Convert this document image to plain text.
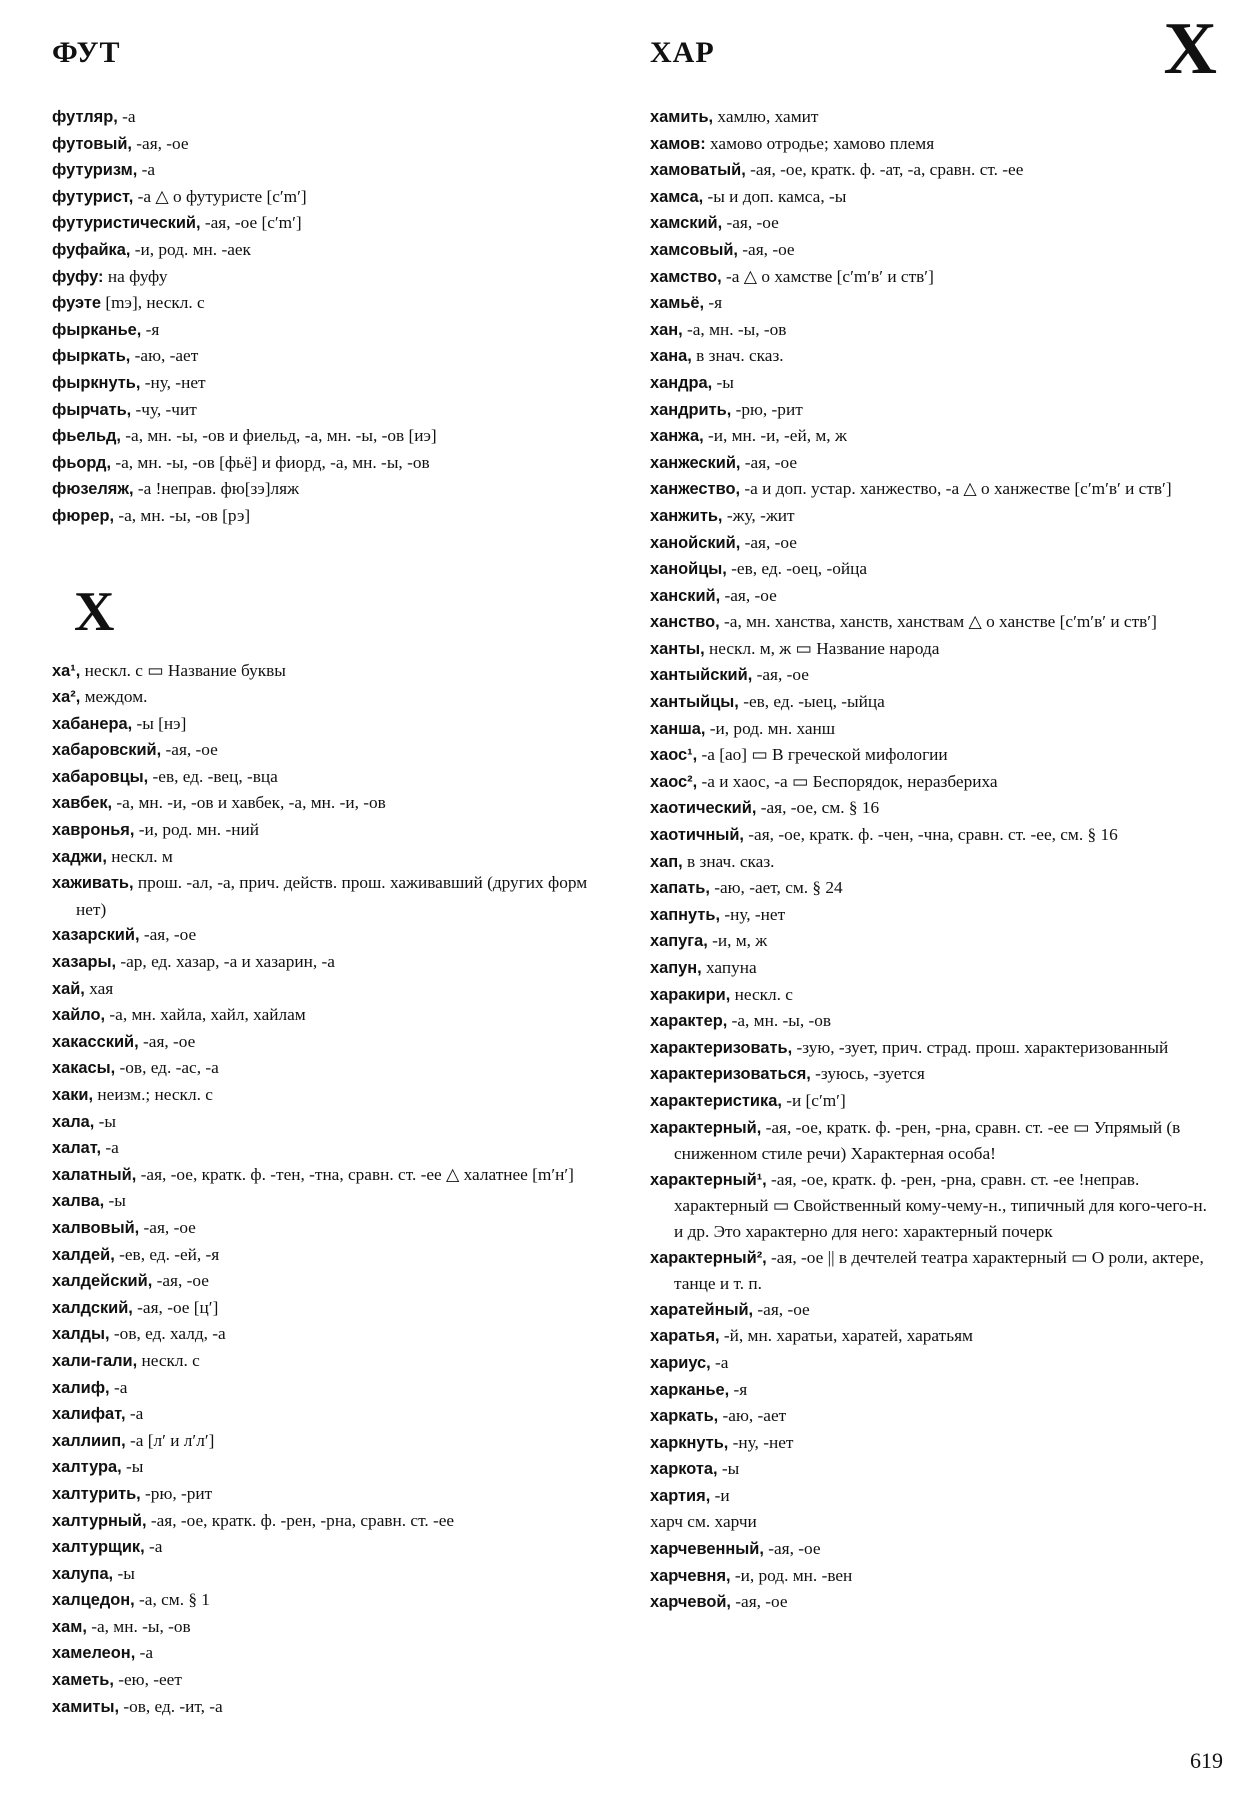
ФУТ	ХАР	Х

футляр, -а

футовый, -ая, -ое

футуризм, -а

футурист, -а △ о футуристе [сʹmʹ]

футуристический, -ая, -ое [сʹmʹ]

фуфайка, -и, род. мн. -аек

фуфу: на фуфу

фуэте [mэ], нескл. с

фырканье, -я

фыркать, -аю, -ает

фыркнуть, -ну, -нет

фырчать, -чу, -чит

фьельд, -а, мн. -ы, -ов и фиельд, -а, мн. -ы, -ов [иэ]

фьорд, -а, мн. -ы, -ов [фьё] и фиорд, -а, мн. -ы, -ов

фюзеляж, -а !неправ. фю[зэ]ляж

фюрер, -а, мн. -ы, -ов [рэ]

Х

ха¹, нескл. с ▭ Название буквы

ха², междом.

хабанера, -ы [нэ]

хабаровский, -ая, -ое

хабаровцы, -ев, ед. -вец, -вца

хавбек, -а, мн. -и, -ов и хавбек, -а, мн. -и, -ов

хавронья, -и, род. мн. -ний

хаджи, нескл. м

хаживать, прош. -ал, -а, прич. действ. прош. хаживавший (других форм нет)

хазарский, -ая, -ое

хазары, -ар, ед. хазар, -а и хазарин, -а

хай, хая

хайло, -а, мн. хайла, хайл, хайлам

хакасский, -ая, -ое

хакасы, -ов, ед. -ас, -а

хаки, неизм.; нескл. с

хала, -ы

халат, -а

халатный, -ая, -ое, кратк. ф. -тен, -тна, сравн. ст. -ее △ халатнее [mʹнʹ]

халва, -ы

халвовый, -ая, -ое

халдей, -ев, ед. -ей, -я

халдейский, -ая, -ое

халдский, -ая, -ое [цʹ]

халды, -ов, ед. халд, -а

хали-гали, нескл. с

халиф, -а

халифат, -а

халлиип, -а [лʹ и лʹлʹ]

халтура, -ы

халтурить, -рю, -рит

халтурный, -ая, -ое, кратк. ф. -рен, -рна, сравн. ст. -ее

халтурщик, -а

халупа, -ы

халцедон, -а, см. § 1

хам, -а, мн. -ы, -ов

хамелеон, -а

хаметь, -ею, -еет

хамиты, -ов, ед. -ит, -а

хамить, хамлю, хамит

хамов: хамово отродье; хамово племя

хамоватый, -ая, -ое, кратк. ф. -ат, -а, сравн. ст. -ее

хамса, -ы и доп. камса, -ы

хамский, -ая, -ое

хамсовый, -ая, -ое

хамство, -а △ о хамстве [сʹmʹвʹ и ствʹ]

хамьё, -я

хан, -а, мн. -ы, -ов

хана, в знач. сказ.

хандра, -ы

хандрить, -рю, -рит

ханжа, -и, мн. -и, -ей, м, ж

ханжеский, -ая, -ое

ханжество, -а и доп. устар. ханжество, -а △ о ханжестве [сʹmʹвʹ и ствʹ]

ханжить, -жу, -жит

ханойский, -ая, -ое

ханойцы, -ев, ед. -оец, -ойца

ханский, -ая, -ое

ханство, -а, мн. ханства, ханств, ханствам △ о ханстве [сʹmʹвʹ и ствʹ]

ханты, нескл. м, ж ▭ Название народа

хантыйский, -ая, -ое

хантыйцы, -ев, ед. -ыец, -ыйца

ханша, -и, род. мн. ханш

хаос¹, -а [ао] ▭ В греческой мифологии

хаос², -а и хаос, -а ▭ Беспорядок, неразбериха

хаотический, -ая, -ое, см. § 16

хаотичный, -ая, -ое, кратк. ф. -чен, -чна, сравн. ст. -ее, см. § 16

хап, в знач. сказ.

хапать, -аю, -ает, см. § 24

хапнуть, -ну, -нет

хапуга, -и, м, ж

хапун, хапуна

харакири, нескл. с

характер, -а, мн. -ы, -ов

характеризовать, -зую, -зует, прич. страд. прош. характеризованный

характеризоваться, -зуюсь, -зуется

характеристика, -и [сʹmʹ]

характерный, -ая, -ое, кратк. ф. -рен, -рна, сравн. ст. -ее ▭ Упрямый (в сниженном стиле речи) Характерная особа!

характерный¹, -ая, -ое, кратк. ф. -рен, -рна, сравн. ст. -ее !неправ. характерный ▭ Свойственный кому-чему-н., типичный для кого-чего-н. и др. Это характерно для него: характерный почерк

характерный², -ая, -ое || в дечтелей театра характерный ▭ О роли, актере, танце и т. п.

харатейный, -ая, -ое

харатья, -й, мн. харатьи, харатей, харатьям

хариус, -а

харканье, -я

харкать, -аю, -ает

харкнуть, -ну, -нет

харкота, -ы

хартия, -и

харч см. харчи

харчевенный, -ая, -ое

харчевня, -и, род. мн. -вен

харчевой, -ая, -ое

619
